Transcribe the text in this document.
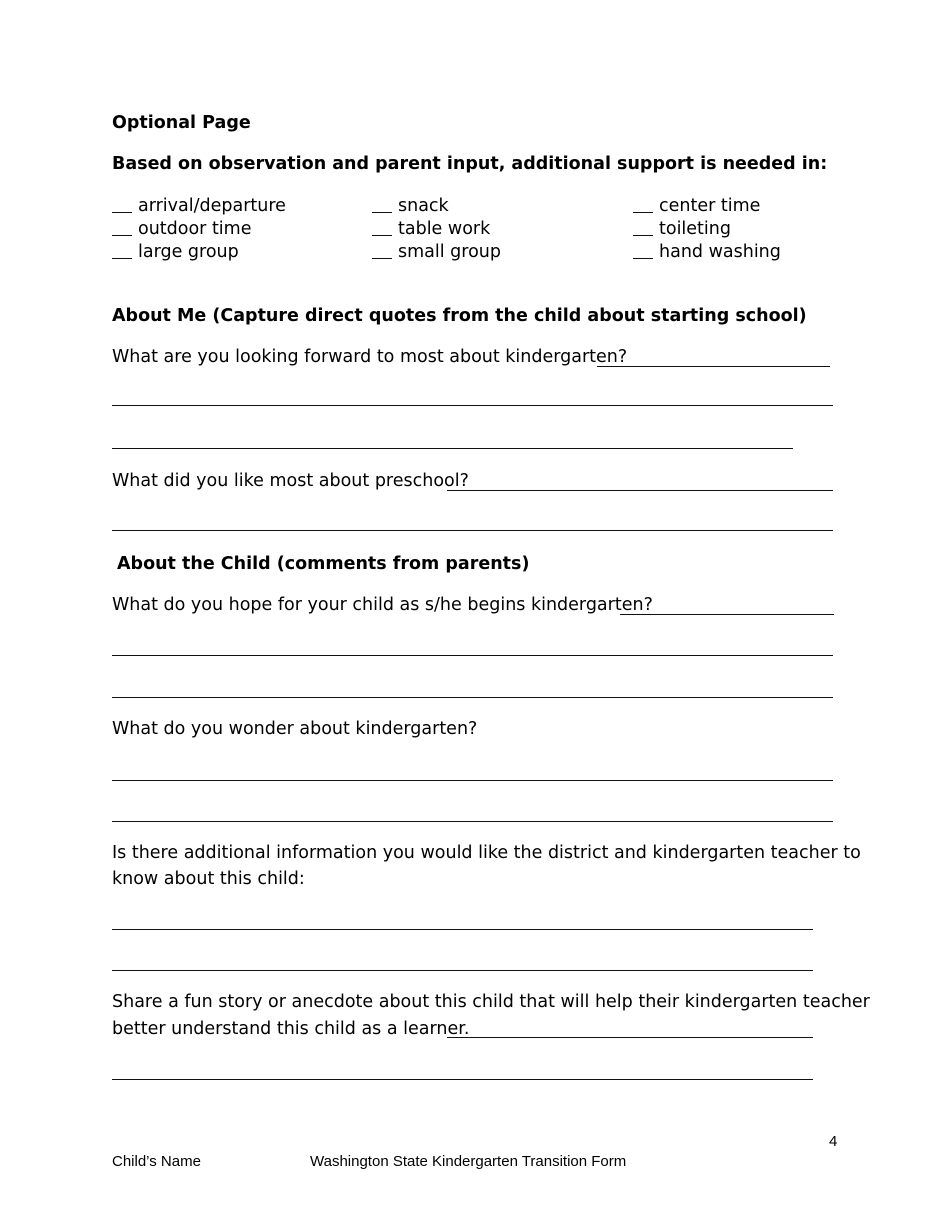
Optional Page
Based on observation and parent input, additional support is needed in:
arrival/departure	snack	center time
outdoor time	table work	toileting
large group	small group	hand washing
About Me (Capture direct quotes from the child about starting school)
What are you looking forward to most about kindergarten?
What did you like most about preschool?
About the Child (comments from parents)
What do you hope for your child as s/he begins kindergarten?
What do you wonder about kindergarten?
Is there additional information you would like the district and kindergarten teacher to
know about this child:
Share a fun story or anecdote about this child that will help their kindergarten teacher
better understand this child as a learner.
4
Child’s Name	Washington State Kindergarten Transition Form
